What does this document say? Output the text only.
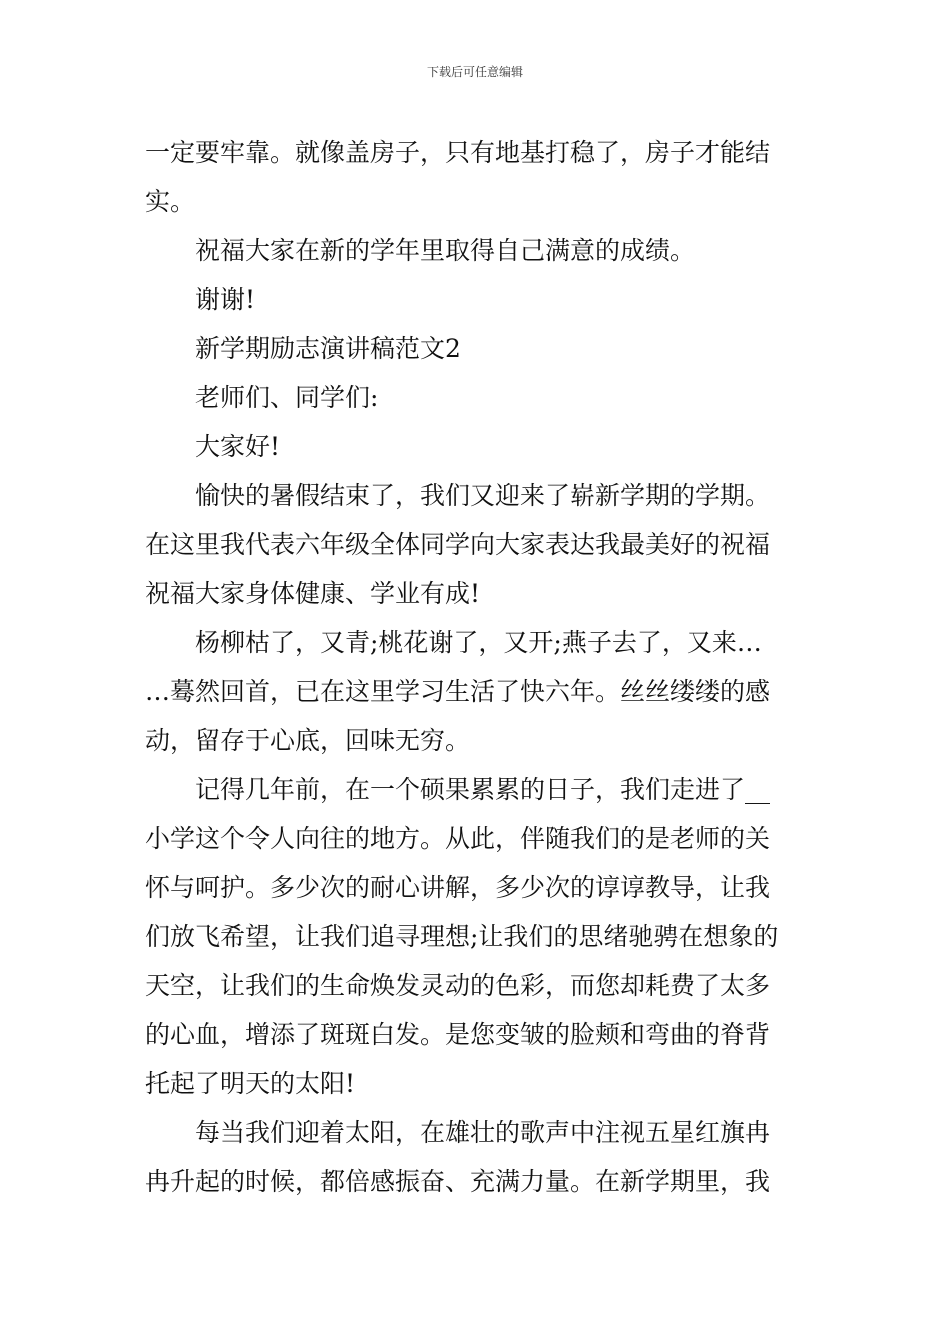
下载后可任意编辑
一定要牢靠。就像盖房子，只有地基打稳了，房子才能结
实。
祝福大家在新的学年里取得自己满意的成绩。
谢谢!
新学期励志演讲稿范文2
老师们、同学们:
大家好!
愉快的暑假结束了，我们又迎来了崭新学期的学期。
在这里我代表六年级全体同学向大家表达我最美好的祝福
祝福大家身体健康、学业有成!
杨柳枯了，又青;桃花谢了，又开;燕子去了，又来…
…蓦然回首，已在这里学习生活了快六年。丝丝缕缕的感
动，留存于心底，回味无穷。
记得几年前，在一个硕果累累的日子，我们走进了__
小学这个令人向往的地方。从此，伴随我们的是老师的关
怀与呵护。多少次的耐心讲解，多少次的谆谆教导，让我
们放飞希望，让我们追寻理想;让我们的思绪驰骋在想象的
天空，让我们的生命焕发灵动的色彩，而您却耗费了太多
的心血，增添了斑斑白发。是您变皱的脸颊和弯曲的脊背
托起了明天的太阳!
每当我们迎着太阳，在雄壮的歌声中注视五星红旗冉
冉升起的时候，都倍感振奋、充满力量。在新学期里，我
